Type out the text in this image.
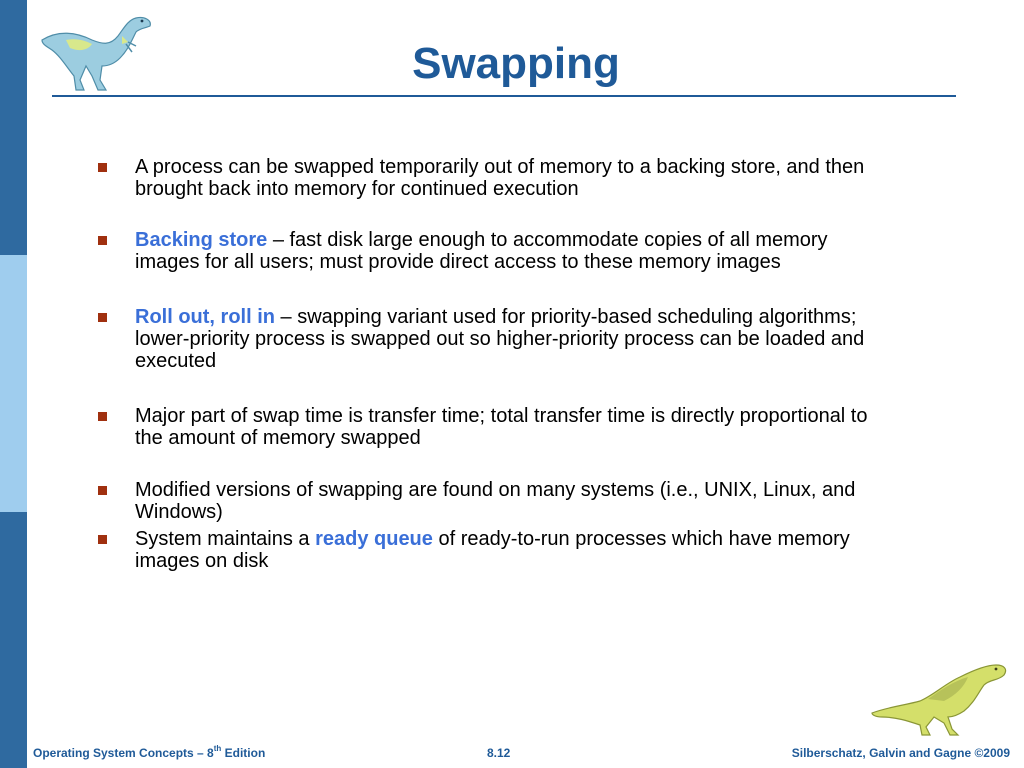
Swapping
A process can be swapped temporarily out of memory to a backing store, and then brought back into memory for continued execution
Backing store – fast disk large enough to accommodate copies of all memory images for all users; must provide direct access to these memory images
Roll out, roll in – swapping variant used for priority-based scheduling algorithms; lower-priority process is swapped out so higher-priority process can be loaded and executed
Major part of swap time is transfer time; total transfer time is directly proportional to the amount of memory swapped
Modified versions of swapping are found on many systems (i.e., UNIX, Linux, and Windows)
System maintains a ready queue of ready-to-run processes which have memory images on disk
Operating System Concepts – 8th Edition	8.12	Silberschatz, Galvin and Gagne ©2009
